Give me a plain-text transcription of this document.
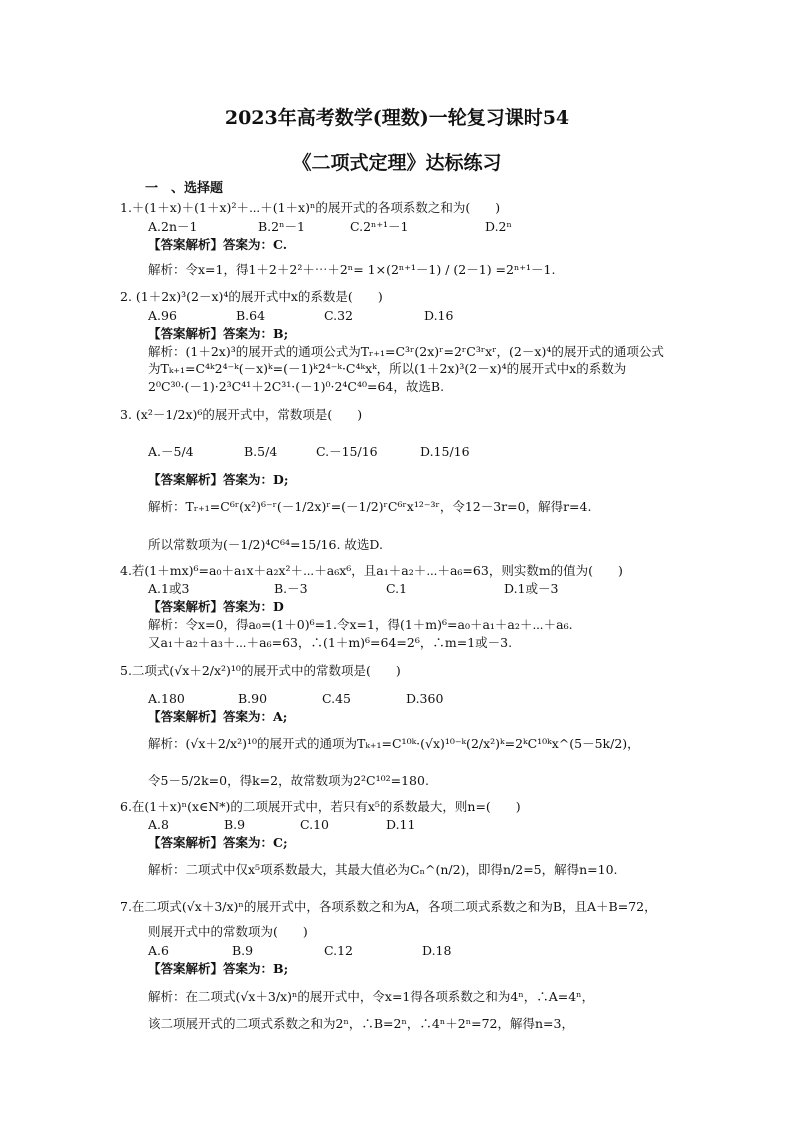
2023年高考数学(理数)一轮复习课时54
《二项式定理》达标练习
一　、选择题
1.＋(1＋x)＋(1＋x)²＋⋯＋(1＋x)ⁿ的展开式的各项系数之和为(　　)
A.2n－1	B.2ⁿ－1	C.2ⁿ⁺¹－1	D.2ⁿ
【答案解析】答案为：C.
解析：令x=1，得1＋2＋2²＋⋯＋2ⁿ= 1×(2ⁿ⁺¹－1) / (2－1) =2ⁿ⁺¹－1.
2. (1＋2x)³(2－x)⁴的展开式中x的系数是(　　)
A.96	B.64	C.32	D.16
【答案解析】答案为：B;
解析：(1＋2x)³的展开式的通项公式为Tᵣ₊₁=C³ʳ(2x)ʳ=2ʳC³ʳxʳ，(2－x)⁴的展开式的通项公式
为Tₖ₊₁=C⁴ᵏ2⁴⁻ᵏ(－x)ᵏ=(－1)ᵏ2⁴⁻ᵏ·C⁴ᵏxᵏ，所以(1＋2x)³(2－x)⁴的展开式中x的系数为
2⁰C³⁰·(－1)·2³C⁴¹＋2C³¹·(－1)⁰·2⁴C⁴⁰=64，故选B.
3. (x²－1/2x)⁶的展开式中，常数项是(　　)
A.－5/4	B.5/4	C.－15/16	D.15/16
【答案解析】答案为：D;
解析：Tᵣ₊₁=C⁶ʳ(x²)⁶⁻ʳ(－1/2x)ʳ=(－1/2)ʳC⁶ʳx¹²⁻³ʳ，令12－3r=0，解得r=4.
所以常数项为(－1/2)⁴C⁶⁴=15/16. 故选D.
4.若(1＋mx)⁶=a₀＋a₁x＋a₂x²＋⋯＋a₆x⁶，且a₁＋a₂＋⋯＋a₆=63，则实数m的值为(　　)
A.1或3	B.－3	C.1	D.1或－3
【答案解析】答案为：D
解析：令x=0，得a₀=(1＋0)⁶=1.令x=1，得(1＋m)⁶=a₀＋a₁＋a₂＋⋯＋a₆.
又a₁＋a₂＋a₃＋⋯＋a₆=63，∴(1＋m)⁶=64=2⁶，∴m=1或－3.
5.二项式(√x＋2/x²)¹⁰的展开式中的常数项是(　　)
A.180	B.90	C.45	D.360
【答案解析】答案为：A;
解析：(√x＋2/x²)¹⁰的展开式的通项为Tₖ₊₁=C¹⁰ᵏ·(√x)¹⁰⁻ᵏ(2/x²)ᵏ=2ᵏC¹⁰ᵏx^(5－5k/2)，
令5－5/2k=0，得k=2，故常数项为2²C¹⁰²=180.
6.在(1＋x)ⁿ(x∈N*)的二项展开式中，若只有x⁵的系数最大，则n=(　　)
A.8	B.9	C.10	D.11
【答案解析】答案为：C;
解析：二项式中仅x⁵项系数最大，其最大值必为Cₙ^(n/2)，即得n/2=5，解得n=10.
7.在二项式(√x＋3/x)ⁿ的展开式中，各项系数之和为A，各项二项式系数之和为B，且A＋B=72，
则展开式中的常数项为(　　)
A.6	B.9	C.12	D.18
【答案解析】答案为：B;
解析：在二项式(√x＋3/x)ⁿ的展开式中，令x=1得各项系数之和为4ⁿ，∴A=4ⁿ，
该二项展开式的二项式系数之和为2ⁿ，∴B=2ⁿ，∴4ⁿ＋2ⁿ=72，解得n=3，
